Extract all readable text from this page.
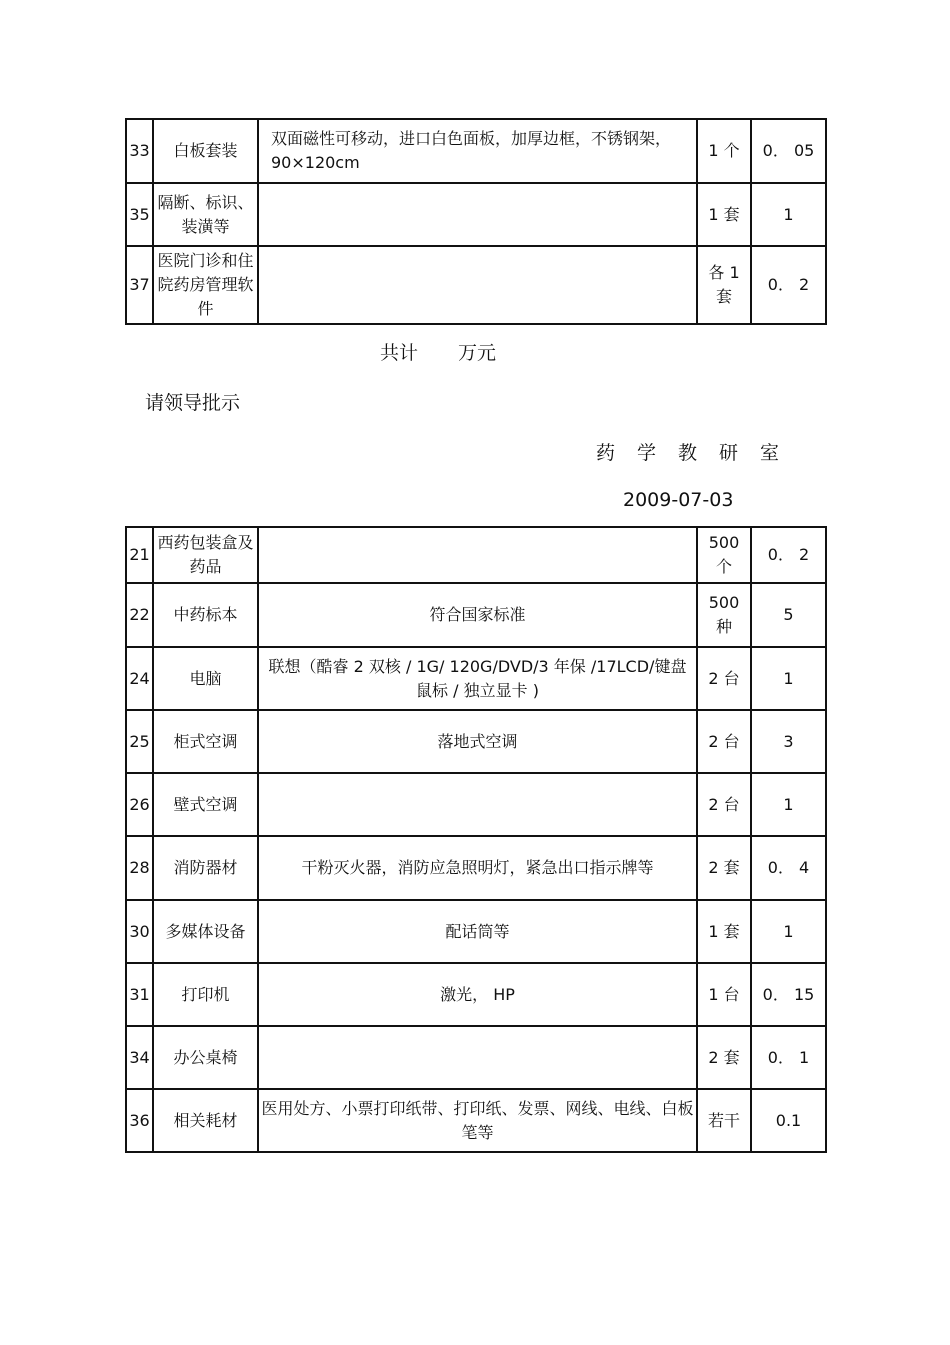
33	白板套装	双面磁性可移动，进口白色面板，加厚边框，不锈钢架， 90×120cm	1 个	0． 05
35	隔断、标识、装潢等		1 套	1
37	医院门诊和住院药房管理软件		各 1 套	0． 2
共计 万元
请领导批示
药学教研室
2009-07-03
21	西药包装盒及药品		500 个	0． 2
22	中药标本	符合国家标准	500 种	5
24	电脑	联想（酷睿 2 双核 / 1G/ 120G/DVD/3 年保 /17LCD/键盘鼠标 / 独立显卡 )	2 台	1
25	柜式空调	落地式空调	2 台	3
26	壁式空调		2 台	1
28	消防器材	干粉灭火器，消防应急照明灯，紧急出口指示牌等	2 套	0． 4
30	多媒体设备	配话筒等	1 套	1
31	打印机	激光， HP	1 台	0． 15
34	办公桌椅		2 套	0． 1
36	相关耗材	医用处方、小票打印纸带、打印纸、发票、网线、电线、白板笔等	若干	0.1
